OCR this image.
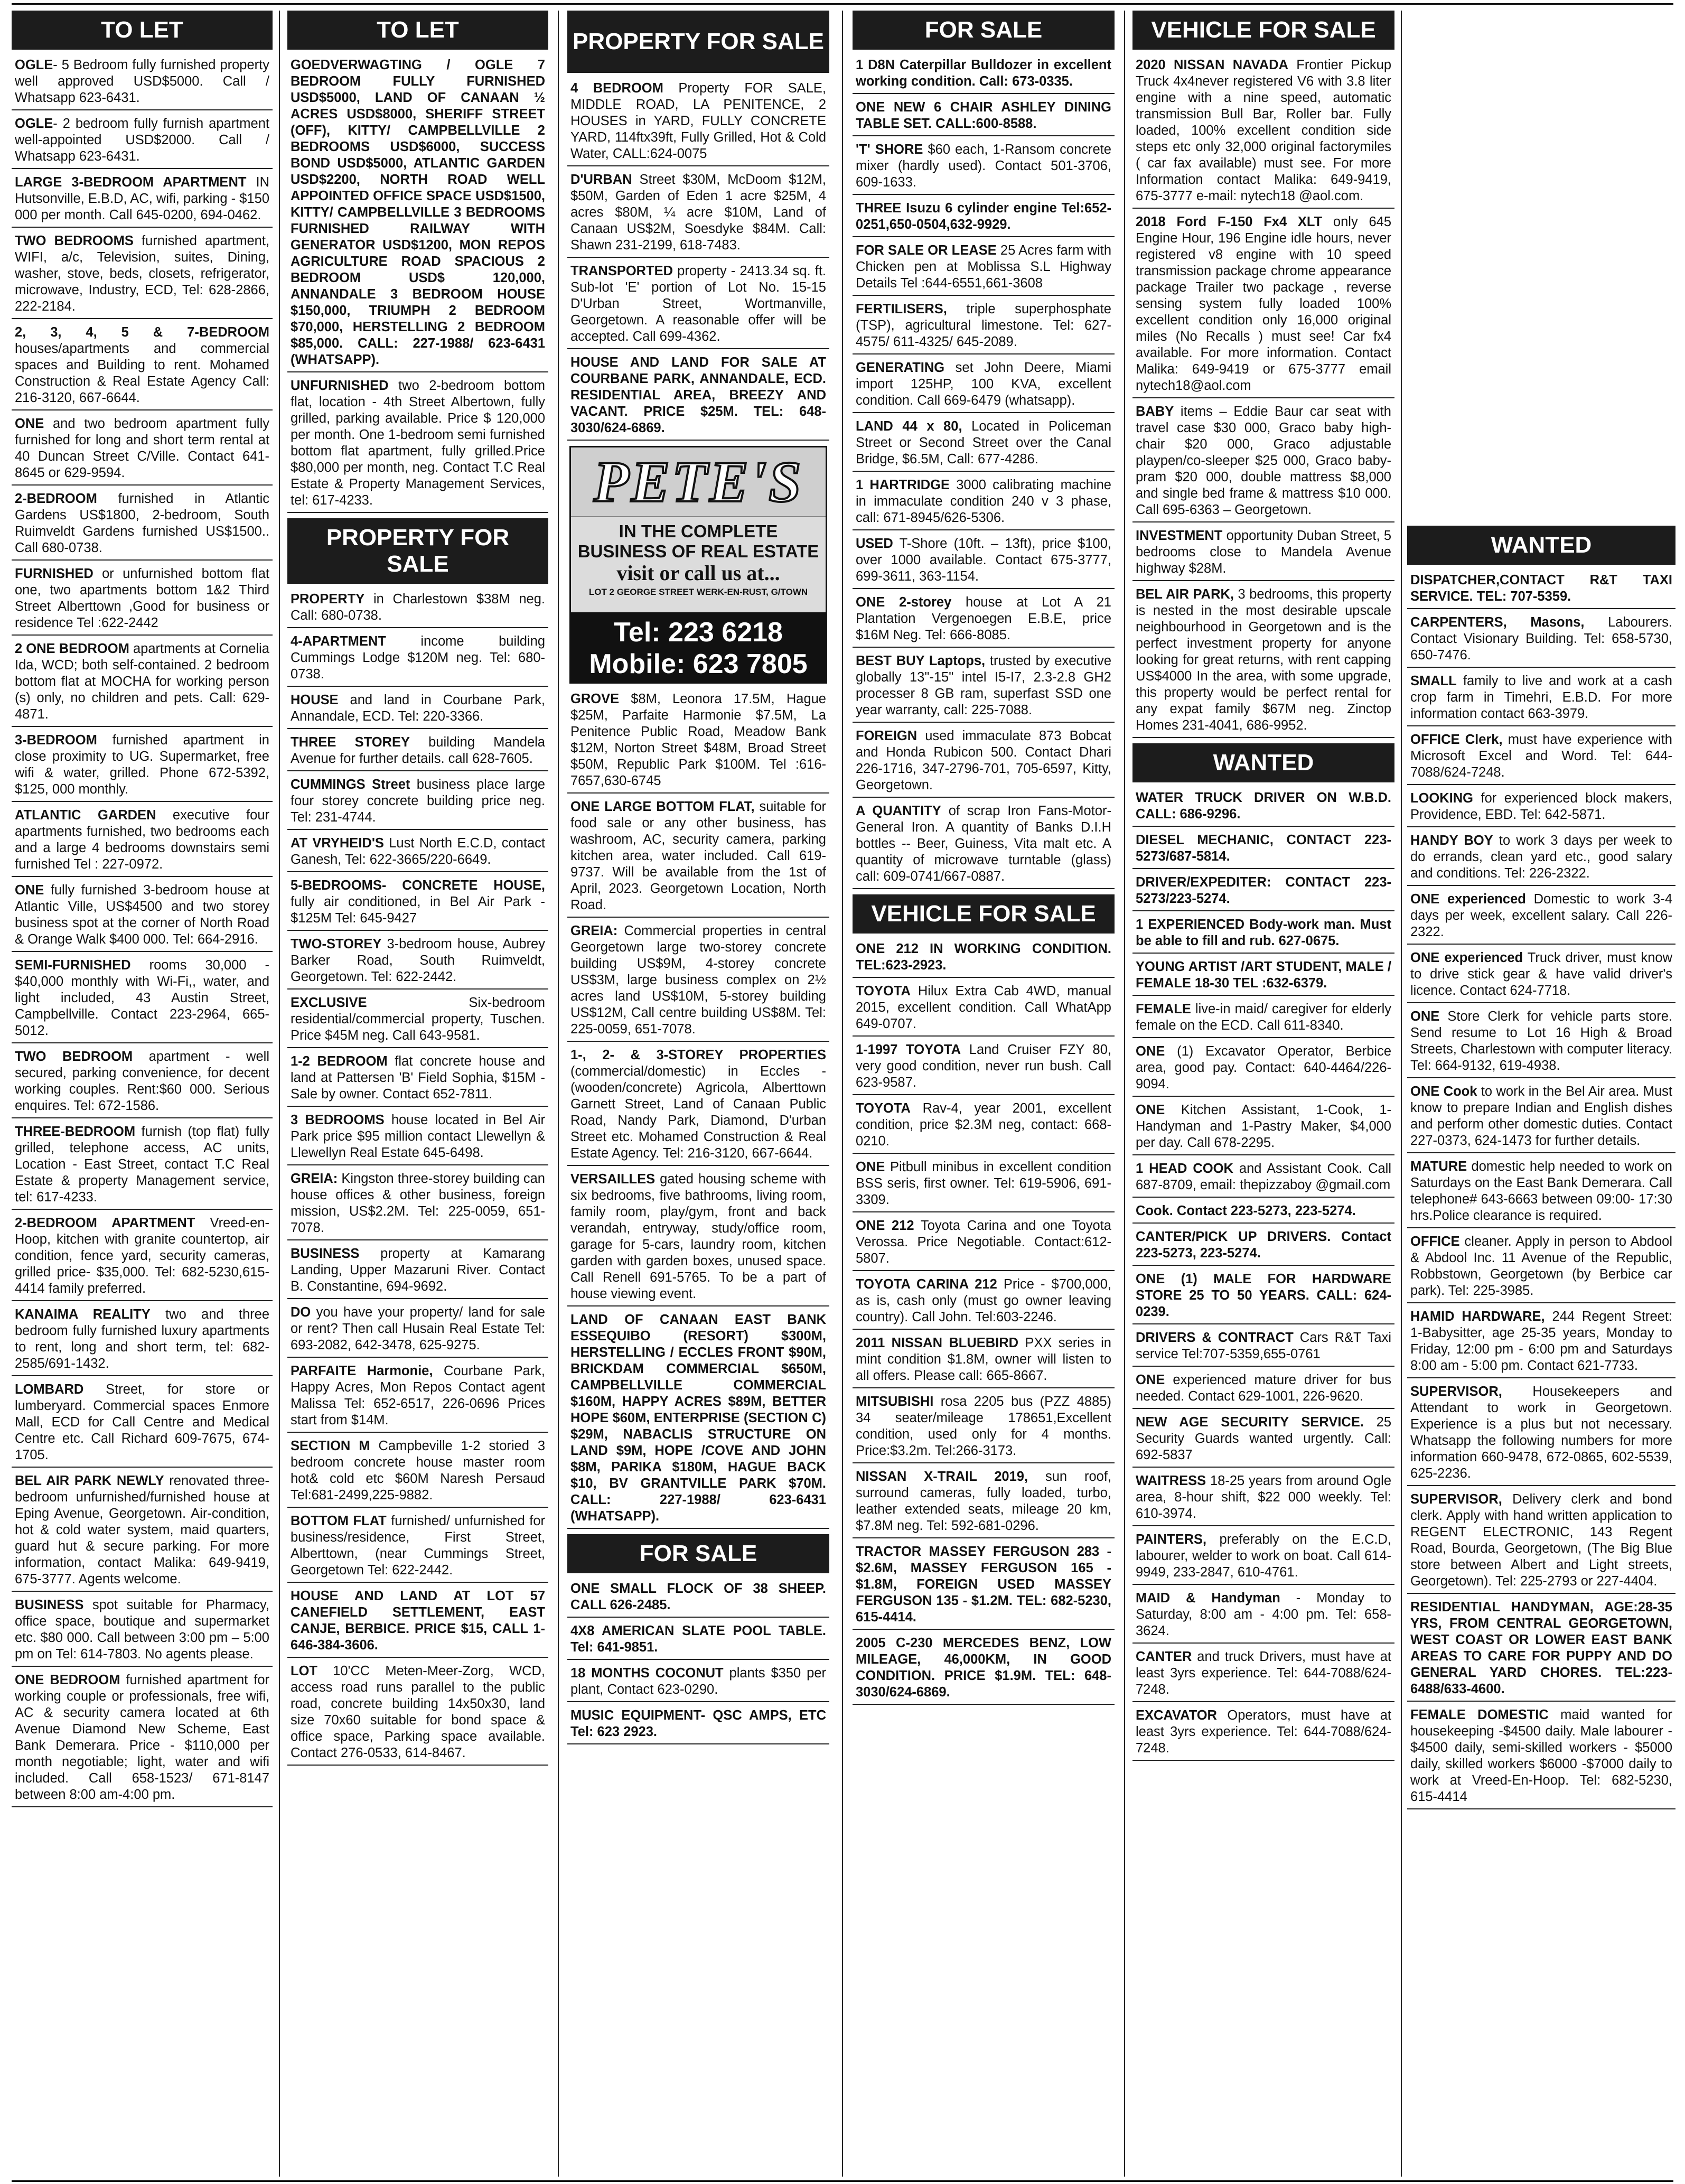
TO LET
OGLE- 5 Bedroom fully furnished property well approved USD$5000. Call / Whatsapp 623-6431.
OGLE- 2 bedroom fully furnish apartment well-appointed USD$2000. Call / Whatsapp 623-6431.
LARGE 3-BEDROOM APARTMENT IN Hutsonville, E.B.D, AC, wifi, parking - $150 000 per month. Call 645-0200, 694-0462.
TWO BEDROOMS furnished apartment, WIFI, a/c, Television, suites, Dining, washer, stove, beds, closets, refrigerator, microwave, Industry, ECD, Tel: 628-2866, 222-2184.
2, 3, 4, 5 & 7-BEDROOM houses/apartments and commercial spaces and Building to rent. Mohamed Construction & Real Estate Agency Call: 216-3120, 667-6644.
ONE and two bedroom apartment fully furnished for long and short term rental at 40 Duncan Street C/Ville. Contact 641-8645 or 629-9594.
2-BEDROOM furnished in Atlantic Gardens US$1800, 2-bedroom, South Ruimveldt Gardens furnished US$1500.. Call 680-0738.
FURNISHED or unfurnished bottom flat one, two apartments bottom 1&2 Third Street Alberttown ,Good for business or residence Tel :622-2442
2 ONE BEDROOM apartments at Cornelia Ida, WCD; both self-contained. 2 bedroom bottom flat at MOCHA for working person (s) only, no children and pets. Call: 629-4871.
3-BEDROOM furnished apartment in close proximity to UG. Supermarket, free wifi & water, grilled. Phone 672-5392, $125, 000 monthly.
ATLANTIC GARDEN executive four apartments furnished, two bedrooms each and a large 4 bedrooms downstairs semi furnished Tel : 227-0972.
ONE fully furnished 3-bedroom house at Atlantic Ville, US$4500 and two storey business spot at the corner of North Road & Orange Walk $400 000. Tel: 664-2916.
SEMI-FURNISHED rooms 30,000 - $40,000 monthly with Wi-Fi,, water, and light included, 43 Austin Street, Campbellville. Contact 223-2964, 665-5012.
TWO BEDROOM apartment - well secured, parking convenience, for decent working couples. Rent:$60 000. Serious enquires. Tel: 672-1586.
THREE-BEDROOM furnish (top flat) fully grilled, telephone access, AC units, Location - East Street, contact T.C Real Estate & property Management service, tel: 617-4233.
2-BEDROOM APARTMENT Vreed-en-Hoop, kitchen with granite countertop, air condition, fence yard, security cameras, grilled price- $35,000. Tel: 682-5230,615-4414 family preferred.
KANAIMA REALITY two and three bedroom fully furnished luxury apartments to rent, long and short term, tel: 682-2585/691-1432.
LOMBARD Street, for store or lumberyard. Commercial spaces Enmore Mall, ECD for Call Centre and Medical Centre etc. Call Richard 609-7675, 674-1705.
BEL AIR PARK NEWLY renovated three-bedroom unfurnished/furnished house at Eping Avenue, Georgetown. Air-condition, hot & cold water system, maid quarters, guard hut & secure parking. For more information, contact Malika: 649-9419, 675-3777. Agents welcome.
BUSINESS spot suitable for Pharmacy, office space, boutique and supermarket etc. $80 000. Call between 3:00 pm – 5:00 pm on Tel: 614-7803. No agents please.
ONE BEDROOM furnished apartment for working couple or professionals, free wifi, AC & security camera located at 6th Avenue Diamond New Scheme, East Bank Demerara. Price - $110,000 per month negotiable; light, water and wifi included. Call 658-1523/ 671-8147 between 8:00 am-4:00 pm.
TO LET
GOEDVERWAGTING / OGLE 7 BEDROOM FULLY FURNISHED USD$5000, LAND OF CANAAN ½ ACRES USD$8000, SHERIFF STREET (OFF), KITTY/ CAMPBELLVILLE 2 BEDROOMS USD$6000, SUCCESS BOND USD$5000, ATLANTIC GARDEN USD$2200, NORTH ROAD WELL APPOINTED OFFICE SPACE USD$1500, KITTY/ CAMPBELLVILLE 3 BEDROOMS FURNISHED RAILWAY WITH GENERATOR USD$1200, MON REPOS AGRICULTURE ROAD SPACIOUS 2 BEDROOM USD$ 120,000, ANNANDALE 3 BEDROOM HOUSE $150,000, TRIUMPH 2 BEDROOM $70,000, HERSTELLING 2 BEDROOM $85,000. CALL: 227-1988/ 623-6431 (WHATSAPP).
UNFURNISHED two 2-bedroom bottom flat, location - 4th Street Albertown, fully grilled, parking available. Price $ 120,000 per month. One 1-bedroom semi furnished bottom flat apartment, fully grilled.Price $80,000 per month, neg. Contact T.C Real Estate & Property Management Services, tel: 617-4233.
PROPERTY FOR SALE
PROPERTY in Charlestown $38M neg. Call: 680-0738.
4-APARTMENT income building Cummings Lodge $120M neg. Tel: 680-0738.
HOUSE and land in Courbane Park, Annandale, ECD. Tel: 220-3366.
THREE STOREY building Mandela Avenue for further details. call 628-7605.
CUMMINGS Street business place large four storey concrete building price neg. Tel: 231-4744.
AT VRYHEID'S Lust North E.C.D, contact Ganesh, Tel: 622-3665/220-6649.
5-BEDROOMS- CONCRETE HOUSE, fully air conditioned, in Bel Air Park - $125M Tel: 645-9427
TWO-STOREY 3-bedroom house, Aubrey Barker Road, South Ruimveldt, Georgetown. Tel: 622-2442.
EXCLUSIVE Six-bedroom residential/commercial property, Tuschen. Price $45M neg. Call 643-9581.
1-2 BEDROOM flat concrete house and land at Pattersen 'B' Field Sophia, $15M - Sale by owner. Contact 652-7811.
3 BEDROOMS house located in Bel Air Park price $95 million contact Llewellyn & Llewellyn Real Estate 645-6498.
GREIA: Kingston three-storey building can house offices & other business, foreign mission, US$2.2M. Tel: 225-0059, 651-7078.
BUSINESS property at Kamarang Landing, Upper Mazaruni River. Contact B. Constantine, 694-9692.
DO you have your property/ land for sale or rent? Then call Husain Real Estate Tel: 693-2082, 642-3478, 625-9275.
PARFAITE Harmonie, Courbane Park, Happy Acres, Mon Repos Contact agent Malissa Tel: 652-6517, 226-0696 Prices start from $14M.
SECTION M Campbeville 1-2 storied 3 bedroom concrete house master room hot& cold etc $60M Naresh Persaud Tel:681-2499,225-9882.
BOTTOM FLAT furnished/ unfurnished for business/residence, First Street, Alberttown, (near Cummings Street, Georgetown Tel: 622-2442.
HOUSE AND LAND AT LOT 57 CANEFIELD SETTLEMENT, EAST CANJE, BERBICE. PRICE $15, CALL 1-646-384-3606.
LOT 10'CC Meten-Meer-Zorg, WCD, access road runs parallel to the public road, concrete building 14x50x30, land size 70x60 suitable for bond space & office space, Parking space available. Contact 276-0533, 614-8467.
PROPERTY FOR SALE
4 BEDROOM Property FOR SALE, MIDDLE ROAD, LA PENITENCE, 2 HOUSES in YARD, FULLY CONCRETE YARD, 114ftx39ft, Fully Grilled, Hot & Cold Water, CALL:624-0075
D'URBAN Street $30M, McDoom $12M, $50M, Garden of Eden 1 acre $25M, 4 acres $80M, ¼ acre $10M, Land of Canaan US$2M, Soesdyke $84M. Call: Shawn 231-2199, 618-7483.
TRANSPORTED property - 2413.34 sq. ft. Sub-lot 'E' portion of Lot No. 15-15 D'Urban Street, Wortmanville, Georgetown. A reasonable offer will be accepted. Call 699-4362.
HOUSE AND LAND FOR SALE AT COURBANE PARK, ANNANDALE, ECD. RESIDENTIAL AREA, BREEZY AND VACANT. PRICE $25M. TEL: 648-3030/624-6869.
PETE'S
IN THE COMPLETE
BUSINESS OF REAL ESTATE
visit or call us at...
LOT 2 GEORGE STREET WERK-EN-RUST, G/TOWN
Tel: 223 6218
Mobile: 623 7805
GROVE $8M, Leonora 17.5M, Hague $25M, Parfaite Harmonie $7.5M, La Penitence Public Road, Meadow Bank $12M, Norton Street $48M, Broad Street $50M, Republic Park $100M. Tel :616-7657,630-6745
ONE LARGE BOTTOM FLAT, suitable for food sale or any other business, has washroom, AC, security camera, parking kitchen area, water included. Call 619-9737. Will be available from the 1st of April, 2023. Georgetown Location, North Road.
GREIA: Commercial properties in central Georgetown large two-storey concrete building US$9M, 4-storey concrete US$3M, large business complex on 2½ acres land US$10M, 5-storey building US$12M, Call centre building US$8M. Tel: 225-0059, 651-7078.
1-, 2- & 3-STOREY PROPERTIES (commercial/domestic) in Eccles - (wooden/concrete) Agricola, Alberttown Garnett Street, Land of Canaan Public Road, Nandy Park, Diamond, D'urban Street etc. Mohamed Construction & Real Estate Agency. Tel: 216-3120, 667-6644.
VERSAILLES gated housing scheme with six bedrooms, five bathrooms, living room, family room, play/gym, front and back verandah, entryway, study/office room, garage for 5-cars, laundry room, kitchen garden with garden boxes, unused space. Call Renell 691-5765. To be a part of house viewing event.
LAND OF CANAAN EAST BANK ESSEQUIBO (RESORT) $300M, HERSTELLING / ECCLES FRONT $90M, BRICKDAM COMMERCIAL $650M, CAMPBELLVILLE COMMERCIAL $160M, HAPPY ACRES $89M, BETTER HOPE $60M, ENTERPRISE (SECTION C) $29M, NABACLIS STRUCTURE ON LAND $9M, HOPE /COVE AND JOHN $8M, PARIKA $180M, HAGUE BACK $10, BV GRANTVILLE PARK $70M. CALL: 227-1988/ 623-6431 (WHATSAPP).
FOR SALE
ONE SMALL FLOCK OF 38 SHEEP. CALL 626-2485.
4X8 AMERICAN SLATE POOL TABLE. Tel: 641-9851.
18 MONTHS COCONUT plants $350 per plant, Contact 623-0290.
MUSIC EQUIPMENT- QSC AMPS, ETC Tel: 623 2923.
FOR SALE
1 D8N Caterpillar Bulldozer in excellent working condition. Call: 673-0335.
ONE NEW 6 CHAIR ASHLEY DINING TABLE SET. CALL:600-8588.
'T' SHORE $60 each, 1-Ransom concrete mixer (hardly used). Contact 501-3706, 609-1633.
THREE Isuzu 6 cylinder engine Tel:652-0251,650-0504,632-9929.
FOR SALE OR LEASE 25 Acres farm with Chicken pen at Moblissa S.L Highway Details Tel :644-6551,661-3608
FERTILISERS, triple superphosphate (TSP), agricultural limestone. Tel: 627-4575/ 611-4325/ 645-2089.
GENERATING set John Deere, Miami import 125HP, 100 KVA, excellent condition. Call 669-6479 (whatsapp).
LAND 44 x 80, Located in Policeman Street or Second Street over the Canal Bridge, $6.5M, Call: 677-4286.
1 HARTRIDGE 3000 calibrating machine in immaculate condition 240 v 3 phase, call: 671-8945/626-5306.
USED T-Shore (10ft. – 13ft), price $100, over 1000 available. Contact 675-3777, 699-3611, 363-1154.
ONE 2-storey house at Lot A 21 Plantation Vergenoegen E.B.E, price $16M Neg. Tel: 666-8085.
BEST BUY Laptops, trusted by executive globally 13"-15" intel I5-I7, 2.3-2.8 GH2 processer 8 GB ram, superfast SSD one year warranty, call: 225-7088.
FOREIGN used immaculate 873 Bobcat and Honda Rubicon 500. Contact Dhari 226-1716, 347-2796-701, 705-6597, Kitty, Georgetown.
A QUANTITY of scrap Iron Fans-Motor-General Iron. A quantity of Banks D.I.H bottles -- Beer, Guiness, Vita malt etc. A quantity of microwave turntable (glass) call: 609-0741/667-0887.
VEHICLE FOR SALE
ONE 212 IN WORKING CONDITION. TEL:623-2923.
TOYOTA Hilux Extra Cab 4WD, manual 2015, excellent condition. Call WhatApp 649-0707.
1-1997 TOYOTA Land Cruiser FZY 80, very good condition, never run bush. Call 623-9587.
TOYOTA Rav-4, year 2001, excellent condition, price $2.3M neg, contact: 668-0210.
ONE Pitbull minibus in excellent condition BSS seris, first owner. Tel: 619-5906, 691-3309.
ONE 212 Toyota Carina and one Toyota Verossa. Price Negotiable. Contact:612-5807.
TOYOTA CARINA 212 Price - $700,000, as is, cash only (must go owner leaving country). Call John. Tel:603-2246.
2011 NISSAN BLUEBIRD PXX series in mint condition $1.8M, owner will listen to all offers. Please call: 665-8667.
MITSUBISHI rosa 2205 bus (PZZ 4885) 34 seater/mileage 178651,Excellent condition, used only for 4 months. Price:$3.2m. Tel:266-3173.
NISSAN X-TRAIL 2019, sun roof, surround cameras, fully loaded, turbo, leather extended seats, mileage 20 km, $7.8M neg. Tel: 592-681-0296.
TRACTOR MASSEY FERGUSON 283 - $2.6M, MASSEY FERGUSON 165 - $1.8M, FOREIGN USED MASSEY FERGUSON 135 - $1.2M. TEL: 682-5230, 615-4414.
2005 C-230 MERCEDES BENZ, LOW MILEAGE, 46,000KM, IN GOOD CONDITION. PRICE $1.9M. TEL: 648-3030/624-6869.
VEHICLE FOR SALE
2020 NISSAN NAVADA Frontier Pickup Truck 4x4never registered V6 with 3.8 liter engine with a nine speed, automatic transmission Bull Bar, Roller bar. Fully loaded, 100% excellent condition side steps etc only 32,000 original factorymiles ( car fax available) must see. For more Information contact Malika: 649-9419, 675-3777 e-mail: nytech18 @aol.com.
2018 Ford F-150 Fx4 XLT only 645 Engine Hour, 196 Engine idle hours, never registered v8 engine with 10 speed transmission package chrome appearance package Trailer two package , reverse sensing system fully loaded 100% excellent condition only 16,000 original miles (No Recalls ) must see! Car fx4 available. For more information. Contact Malika: 649-9419 or 675-3777 email nytech18@aol.com
BABY items – Eddie Baur car seat with travel case $30 000, Graco baby high-chair $20 000, Graco adjustable playpen/co-sleeper $25 000, Graco baby-pram $20 000, double mattress $8,000 and single bed frame & mattress $10 000. Call 695-6363 – Georgetown.
INVESTMENT opportunity Duban Street, 5 bedrooms close to Mandela Avenue highway $28M.
BEL AIR PARK, 3 bedrooms, this property is nested in the most desirable upscale neighbourhood in Georgetown and is the perfect investment property for anyone looking for great returns, with rent capping US$4000 In the area, with some upgrade, this property would be perfect rental for any expat family $67M neg. Zinctop Homes 231-4041, 686-9952.
WANTED
WATER TRUCK DRIVER ON W.B.D. CALL: 686-9296.
DIESEL MECHANIC, CONTACT 223-5273/687-5814.
DRIVER/EXPEDITER: CONTACT 223-5273/223-5274.
1 EXPERIENCED Body-work man. Must be able to fill and rub. 627-0675.
YOUNG ARTIST /ART STUDENT, MALE / FEMALE 18-30 TEL :632-6379.
FEMALE live-in maid/ caregiver for elderly female on the ECD. Call 611-8340.
ONE (1) Excavator Operator, Berbice area, good pay. Contact: 640-4464/226-9094.
ONE Kitchen Assistant, 1-Cook, 1-Handyman and 1-Pastry Maker, $4,000 per day. Call 678-2295.
1 HEAD COOK and Assistant Cook. Call 687-8709, email: thepizzaboy @gmail.com
Cook. Contact 223-5273, 223-5274.
CANTER/PICK UP DRIVERS. Contact 223-5273, 223-5274.
ONE (1) MALE FOR HARDWARE STORE 25 TO 50 YEARS. CALL: 624-0239.
DRIVERS & CONTRACT Cars R&T Taxi service Tel:707-5359,655-0761
ONE experienced mature driver for bus needed. Contact 629-1001, 226-9620.
NEW AGE SECURITY SERVICE. 25 Security Guards wanted urgently. Call: 692-5837
WAITRESS 18-25 years from around Ogle area, 8-hour shift, $22 000 weekly. Tel: 610-3974.
PAINTERS, preferably on the E.C.D, labourer, welder to work on boat. Call 614-9949, 233-2847, 610-4761.
MAID & Handyman - Monday to Saturday, 8:00 am - 4:00 pm. Tel: 658-3624.
CANTER and truck Drivers, must have at least 3yrs experience. Tel: 644-7088/624-7248.
EXCAVATOR Operators, must have at least 3yrs experience. Tel: 644-7088/624-7248.
WANTED
DISPATCHER,CONTACT R&T TAXI SERVICE. TEL: 707-5359.
CARPENTERS, Masons, Labourers. Contact Visionary Building. Tel: 658-5730, 650-7476.
SMALL family to live and work at a cash crop farm in Timehri, E.B.D. For more information contact 663-3979.
OFFICE Clerk, must have experience with Microsoft Excel and Word. Tel: 644-7088/624-7248.
LOOKING for experienced block makers, Providence, EBD. Tel: 642-5871.
HANDY BOY to work 3 days per week to do errands, clean yard etc., good salary and conditions. Tel: 226-2322.
ONE experienced Domestic to work 3-4 days per week, excellent salary. Call 226-2322.
ONE experienced Truck driver, must know to drive stick gear & have valid driver's licence. Contact 624-7718.
ONE Store Clerk for vehicle parts store. Send resume to Lot 16 High & Broad Streets, Charlestown with computer literacy. Tel: 664-9132, 619-4938.
ONE Cook to work in the Bel Air area. Must know to prepare Indian and English dishes and perform other domestic duties. Contact 227-0373, 624-1473 for further details.
MATURE domestic help needed to work on Saturdays on the East Bank Demerara. Call telephone# 643-6663 between 09:00- 17:30 hrs.Police clearance is required.
OFFICE cleaner. Apply in person to Abdool & Abdool Inc. 11 Avenue of the Republic, Robbstown, Georgetown (by Berbice car park). Tel: 225-3985.
HAMID HARDWARE, 244 Regent Street: 1-Babysitter, age 25-35 years, Monday to Friday, 12:00 pm - 6:00 pm and Saturdays 8:00 am - 5:00 pm. Contact 621-7733.
SUPERVISOR, Housekeepers and Attendant to work in Georgetown. Experience is a plus but not necessary. Whatsapp the following numbers for more information 660-9478, 672-0865, 602-5539, 625-2236.
SUPERVISOR, Delivery clerk and bond clerk. Apply with hand written application to REGENT ELECTRONIC, 143 Regent Road, Bourda, Georgetown, (The Big Blue store between Albert and Light streets, Georgetown). Tel: 225-2793 or 227-4404.
RESIDENTIAL HANDYMAN, AGE:28-35 YRS, FROM CENTRAL GEORGETOWN, WEST COAST OR LOWER EAST BANK AREAS TO CARE FOR PUPPY AND DO GENERAL YARD CHORES. TEL:223-6488/633-4600.
FEMALE DOMESTIC maid wanted for housekeeping -$4500 daily. Male labourer - $4500 daily, semi-skilled workers - $5000 daily, skilled workers $6000 -$7000 daily to work at Vreed-En-Hoop. Tel: 682-5230, 615-4414
